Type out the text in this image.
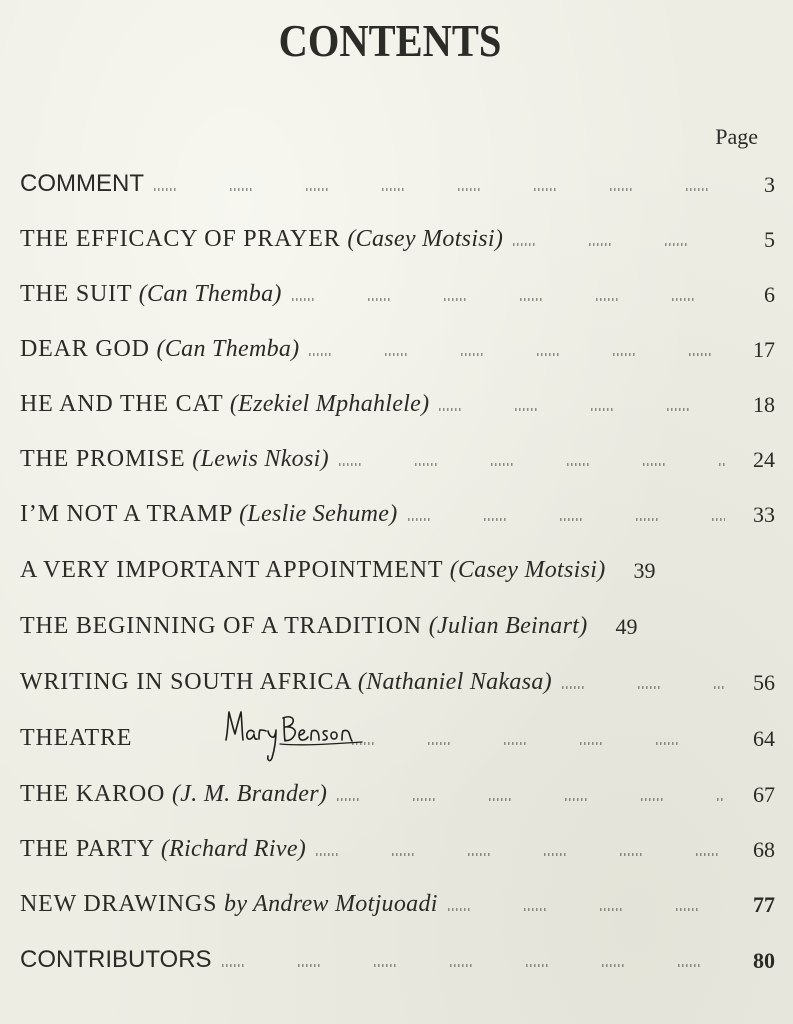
CONTENTS
Page
COMMENT	3
THE EFFICACY OF PRAYER (Casey Motsisi)	5
THE SUIT (Can Themba)	6
DEAR GOD (Can Themba)	17
HE AND THE CAT (Ezekiel Mphahlele)	18
THE PROMISE (Lewis Nkosi)	24
I’M NOT A TRAMP (Leslie Sehume)	33
A VERY IMPORTANT APPOINTMENT (Casey Motsisi)	39
THE BEGINNING OF A TRADITION (Julian Beinart)	49
WRITING IN SOUTH AFRICA (Nathaniel Nakasa)	56
THEATRE	64
THE KAROO (J. M. Brander)	67
THE PARTY (Richard Rive)	68
NEW DRAWINGS by Andrew Motjuoadi	77
CONTRIBUTORS	80
